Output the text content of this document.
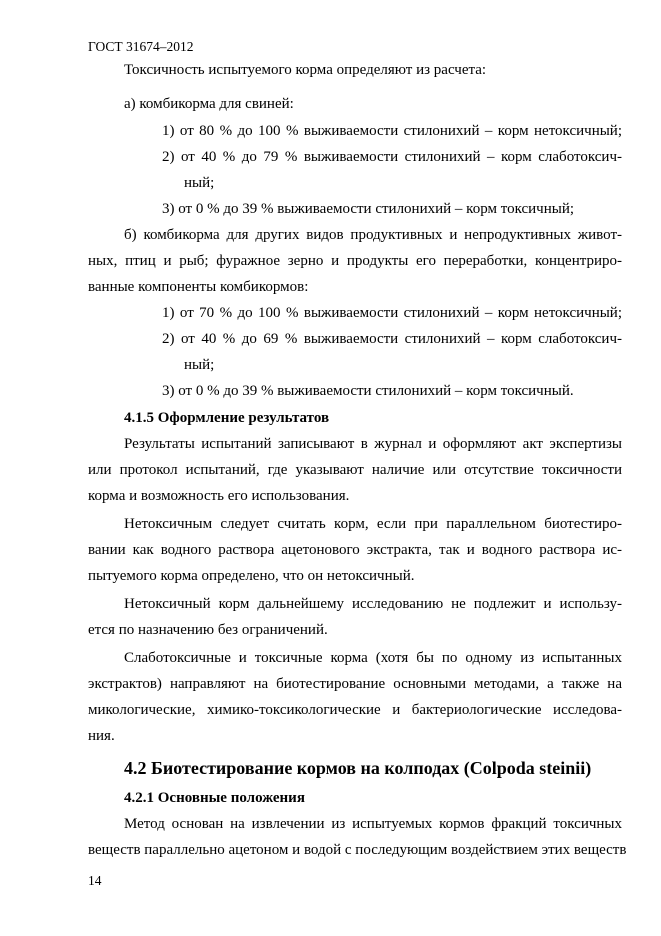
ГОСТ 31674–2012
Токсичность испытуемого корма определяют из расчета:
а) комбикорма для свиней:
1) от 80 % до 100 % выживаемости стилонихий – корм нетоксичный;
2) от 40 % до 79 % выживаемости стилонихий – корм слаботоксич-
ный;
3) от 0 % до 39 % выживаемости стилонихий – корм токсичный;
б) комбикорма для других видов продуктивных и непродуктивных живот-
ных, птиц и рыб; фуражное зерно и продукты его переработки, концентриро-
ванные компоненты комбикормов:
1) от 70 % до 100 % выживаемости стилонихий – корм нетоксичный;
2) от 40 % до 69 % выживаемости стилонихий – корм слаботоксич-
ный;
3) от 0 % до 39 % выживаемости стилонихий – корм токсичный.
4.1.5 Оформление результатов
Результаты испытаний записывают в журнал и оформляют акт экспертизы
или протокол испытаний, где указывают наличие или отсутствие токсичности
корма и возможность его использования.
Нетоксичным следует считать корм, если при параллельном биотестиро-
вании как водного раствора ацетонового экстракта, так и водного раствора ис-
пытуемого корма определено, что он нетоксичный.
Нетоксичный корм дальнейшему исследованию не подлежит и использу-
ется по назначению без ограничений.
Слаботоксичные и токсичные корма (хотя бы по одному из испытанных
экстрактов) направляют на биотестирование основными методами, а также на
микологические, химико-токсикологические и бактериологические исследова-
ния.
4.2 Биотестирование кормов на колподах (Colpoda steinii)
4.2.1 Основные положения
Метод основан на извлечении из испытуемых кормов фракций токсичных
веществ параллельно ацетоном и водой с последующим воздействием этих веществ
14
